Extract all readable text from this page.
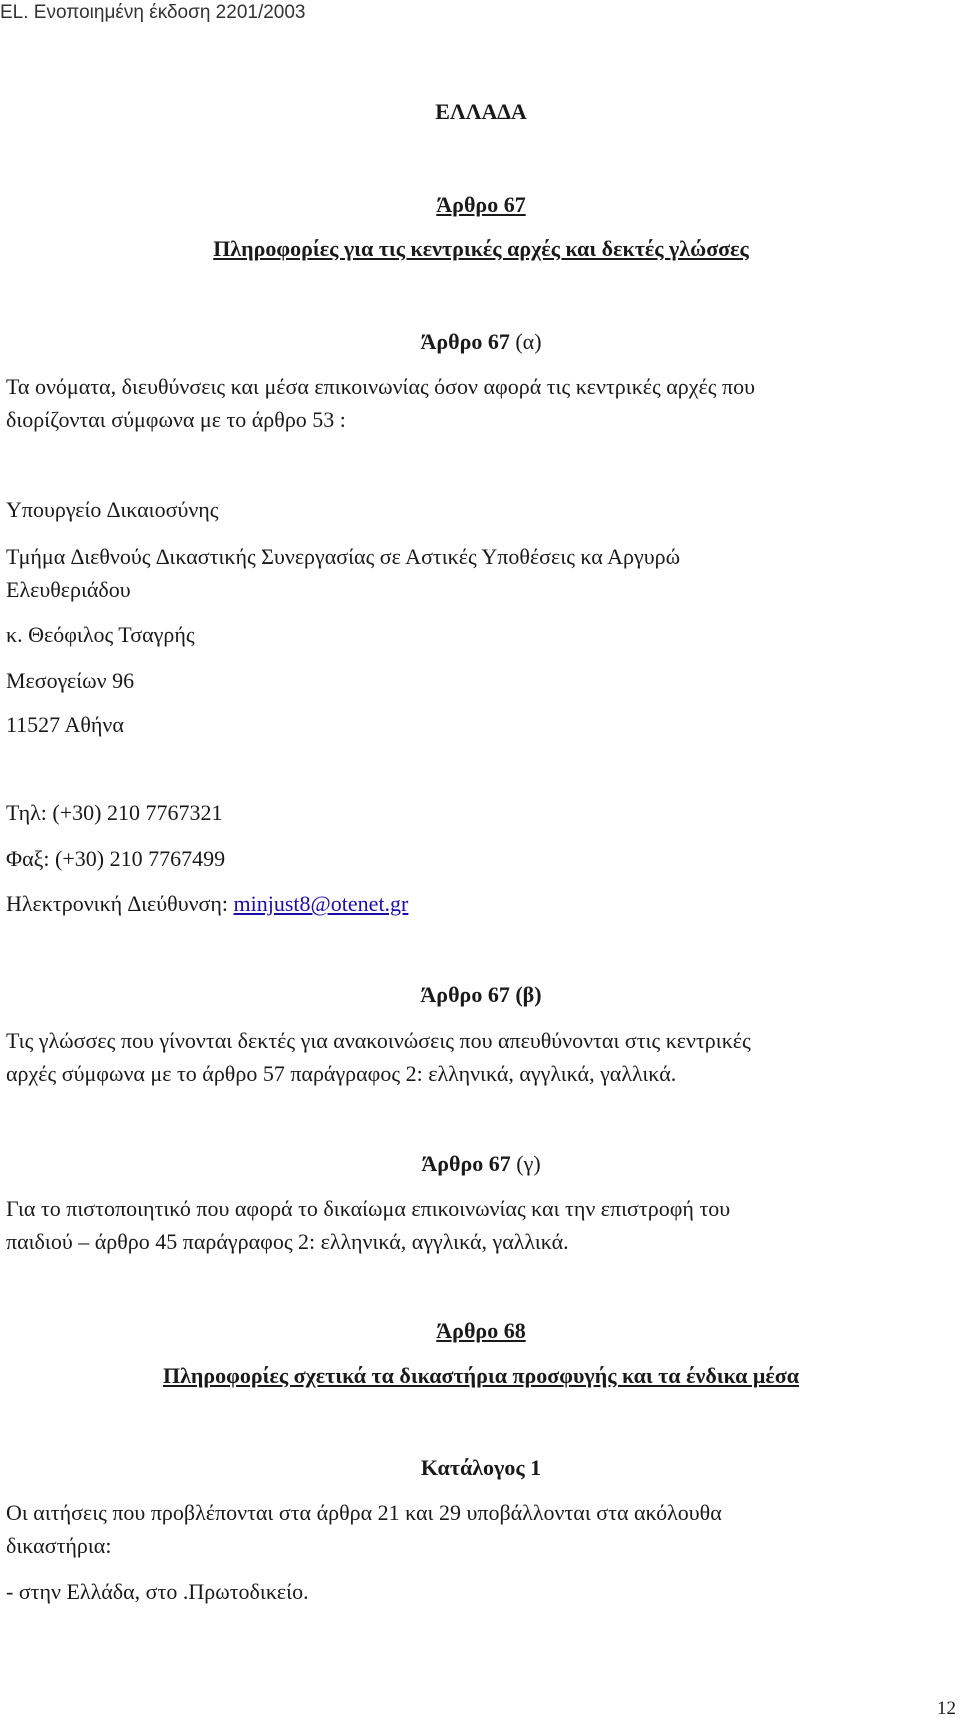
EL. Ενοποιημένη έκδοση 2201/2003
ΕΛΛΑ∆Α
Άρθρο 67
Πληροφορίες για τις κεντρικές αρχές και δεκτές γλώσσες
Άρθρο 67 (α)
Τα ονόματα, διευθύνσεις και μέσα επικοινωνίας όσον αφορά τις κεντρικές αρχές που
διορίζονται σύμφωνα με το άρθρο 53 :
Υπουργείο ∆ικαιοσύνης
Τμήμα ∆ιεθνούς ∆ικαστικής Συνεργασίας σε Αστικές Υποθέσεις κα Αργυρώ
Ελευθεριάδου
κ. Θεόφιλος Τσαγρής
Μεσογείων 96
11527 Αθήνα
Τηλ: (+30) 210 7767321
Φαξ: (+30) 210 7767499
Ηλεκτρονική ∆ιεύθυνση: minjust8@otenet.gr
Άρθρο 67 (β)
Τις γλώσσες που γίνονται δεκτές για ανακοινώσεις που απευθύνονται στις κεντρικές
αρχές σύμφωνα με το άρθρο 57 παράγραφος 2: ελληνικά, αγγλικά, γαλλικά.
Άρθρο 67 (γ)
Για το πιστοποιητικό που αφορά το δικαίωμα επικοινωνίας και την επιστροφή του
παιδιού – άρθρο 45 παράγραφος 2: ελληνικά, αγγλικά, γαλλικά.
Άρθρο 68
Πληροφορίες σχετικά τα δικαστήρια προσφυγής και τα ένδικα μέσα
Κατάλογος 1
Οι αιτήσεις που προβλέπονται στα άρθρα 21 και 29 υποβάλλονται στα ακόλουθα
δικαστήρια:
- στην Ελλάδα, στο .Πρωτοδικείο.
12
